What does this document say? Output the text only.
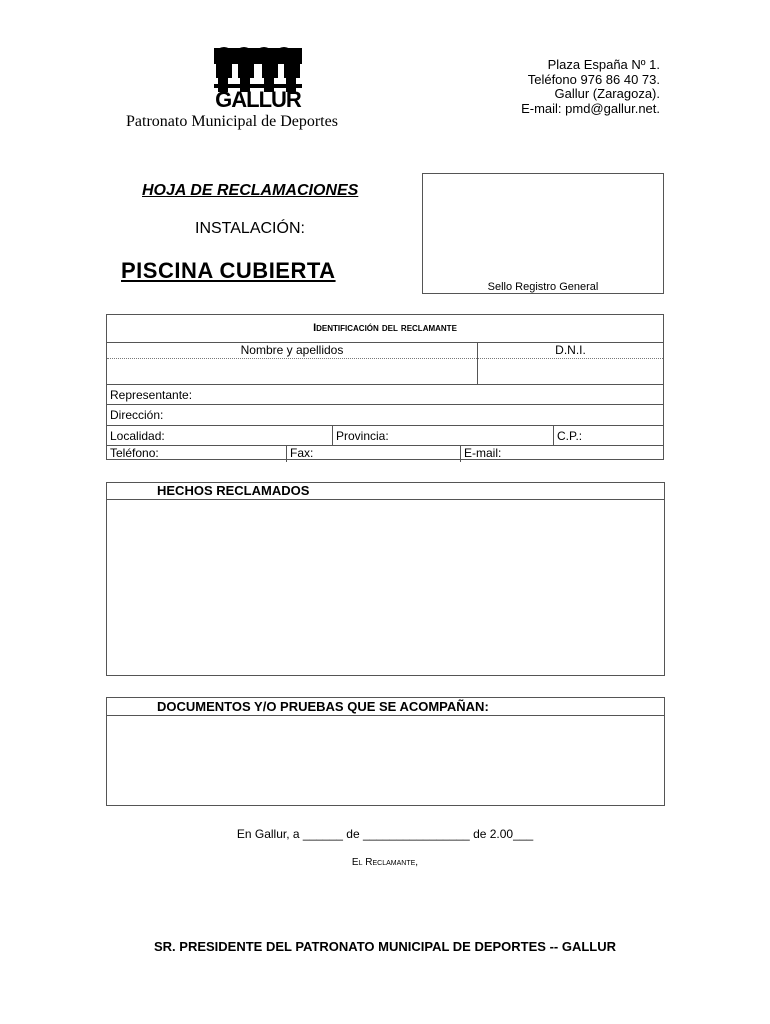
GALLUR
Patronato Municipal de Deportes
Plaza España Nº 1.
Teléfono 976 86 40 73.
Gallur (Zaragoza).
E-mail: pmd@gallur.net.
HOJA DE RECLAMACIONES
INSTALACIÓN:
PISCINA CUBIERTA
Sello Registro General
Identificación del reclamante
Nombre y apellidos	D.N.I.
Representante:
Dirección:
Localidad:	Provincia:	C.P.:
Teléfono:	Fax:	E-mail:
HECHOS RECLAMADOS
DOCUMENTOS Y/O PRUEBAS QUE SE ACOMPAÑAN:
En Gallur, a ______ de ________________ de 2.00___
El Reclamante,
SR. PRESIDENTE DEL PATRONATO MUNICIPAL DE DEPORTES -- GALLUR
